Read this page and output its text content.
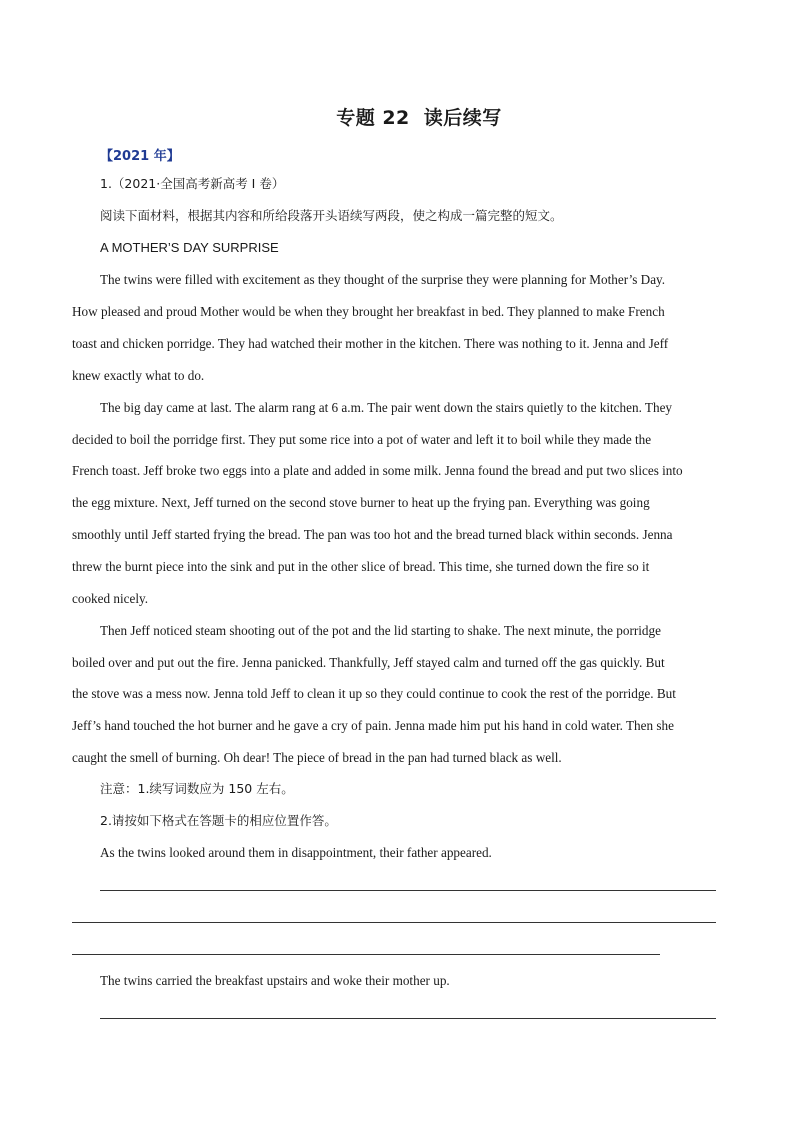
专题 22 读后续写
【2021 年】
1.（2021·全国高考新高考 I 卷）
阅读下面材料，根据其内容和所给段落开头语续写两段，使之构成一篇完整的短文。
A MOTHER’S DAY SURPRISE
The twins were filled with excitement as they thought of the surprise they were planning for Mother’s Day.
How pleased and proud Mother would be when they brought her breakfast in bed. They planned to make French
toast and chicken porridge. They had watched their mother in the kitchen. There was nothing to it. Jenna and Jeff
knew exactly what to do.
The big day came at last. The alarm rang at 6 a.m. The pair went down the stairs quietly to the kitchen. They
decided to boil the porridge first. They put some rice into a pot of water and left it to boil while they made the
French toast. Jeff broke two eggs into a plate and added in some milk. Jenna found the bread and put two slices into
the egg mixture. Next, Jeff turned on the second stove burner to heat up the frying pan. Everything was going
smoothly until Jeff started frying the bread. The pan was too hot and the bread turned black within seconds. Jenna
threw the burnt piece into the sink and put in the other slice of bread. This time, she turned down the fire so it
cooked nicely.
Then Jeff noticed steam shooting out of the pot and the lid starting to shake. The next minute, the porridge
boiled over and put out the fire. Jenna panicked. Thankfully, Jeff stayed calm and turned off the gas quickly. But
the stove was a mess now. Jenna told Jeff to clean it up so they could continue to cook the rest of the porridge. But
Jeff’s hand touched the hot burner and he gave a cry of pain. Jenna made him put his hand in cold water. Then she
caught the smell of burning. Oh dear! The piece of bread in the pan had turned black as well.
注意：1.续写词数应为 150 左右。
2.请按如下格式在答题卡的相应位置作答。
As the twins looked around them in disappointment, their father appeared.
The twins carried the breakfast upstairs and woke their mother up.
